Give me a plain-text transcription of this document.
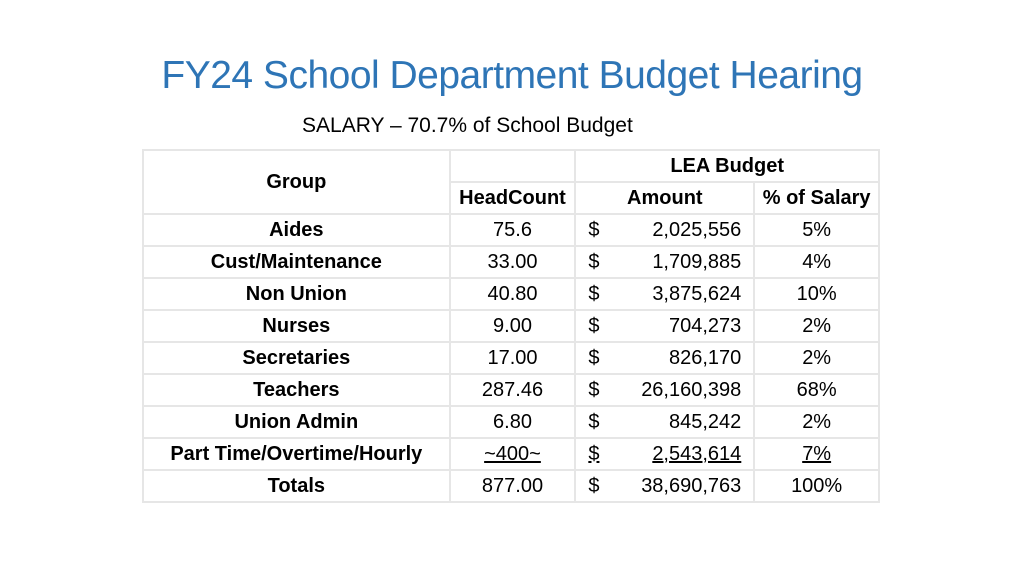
FY24 School Department Budget Hearing
SALARY – 70.7% of School Budget
Group		LEA Budget	
	HeadCount	Amount	% of Salary
Aides	75.6	$ 2,025,556	5%
Cust/Maintenance	33.00	$ 1,709,885	4%
Non Union	40.80	$ 3,875,624	10%
Nurses	9.00	$ 704,273	2%
Secretaries	17.00	$ 826,170	2%
Teachers	287.46	$ 26,160,398	68%
Union Admin	6.80	$ 845,242	2%
Part Time/Overtime/Hourly	~400~	$ 2,543,614	7%
Totals	877.00	$ 38,690,763	100%
